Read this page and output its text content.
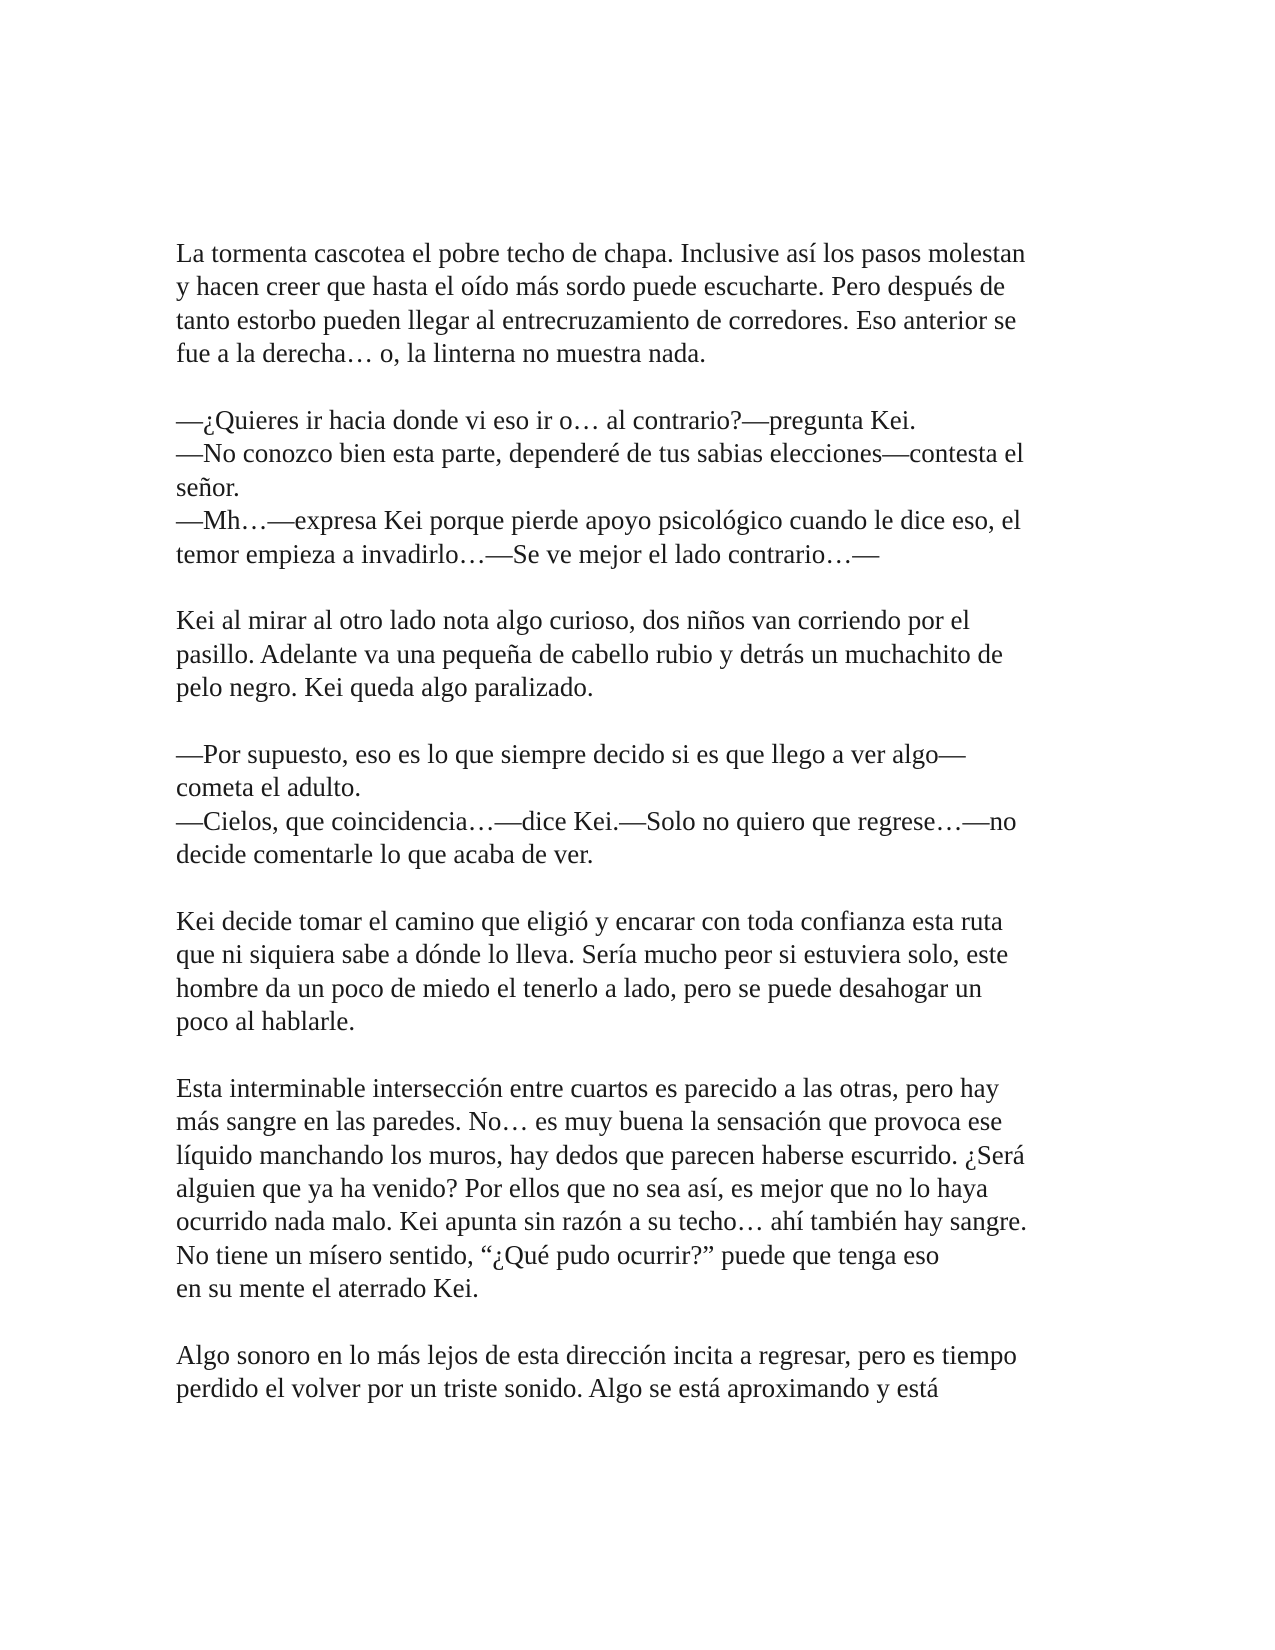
La tormenta cascotea el pobre techo de chapa. Inclusive así los pasos molestan
y hacen creer que hasta el oído más sordo puede escucharte. Pero después de
tanto estorbo pueden llegar al entrecruzamiento de corredores. Eso anterior se
fue a la derecha… o, la linterna no muestra nada.

—¿Quieres ir hacia donde vi eso ir o… al contrario?—pregunta Kei.
—No conozco bien esta parte, dependeré de tus sabias elecciones—contesta el
señor.
—Mh…—expresa Kei porque pierde apoyo psicológico cuando le dice eso, el
temor empieza a invadirlo…—Se ve mejor el lado contrario…—

Kei al mirar al otro lado nota algo curioso, dos niños van corriendo por el
pasillo. Adelante va una pequeña de cabello rubio y detrás un muchachito de
pelo negro. Kei queda algo paralizado.

—Por supuesto, eso es lo que siempre decido si es que llego a ver algo—
cometa el adulto.
—Cielos, que coincidencia…—dice Kei.—Solo no quiero que regrese…—no
decide comentarle lo que acaba de ver.

Kei decide tomar el camino que eligió y encarar con toda confianza esta ruta
que ni siquiera sabe a dónde lo lleva. Sería mucho peor si estuviera solo, este
hombre da un poco de miedo el tenerlo a lado, pero se puede desahogar un
poco al hablarle.

Esta interminable intersección entre cuartos es parecido a las otras, pero hay
más sangre en las paredes. No… es muy buena la sensación que provoca ese
líquido manchando los muros, hay dedos que parecen haberse escurrido. ¿Será
alguien que ya ha venido? Por ellos que no sea así, es mejor que no lo haya
ocurrido nada malo. Kei apunta sin razón a su techo… ahí también hay sangre.
No tiene un mísero sentido, “¿Qué pudo ocurrir?” puede que tenga eso
en su mente el aterrado Kei.

Algo sonoro en lo más lejos de esta dirección incita a regresar, pero es tiempo
perdido el volver por un triste sonido. Algo se está aproximando y está
